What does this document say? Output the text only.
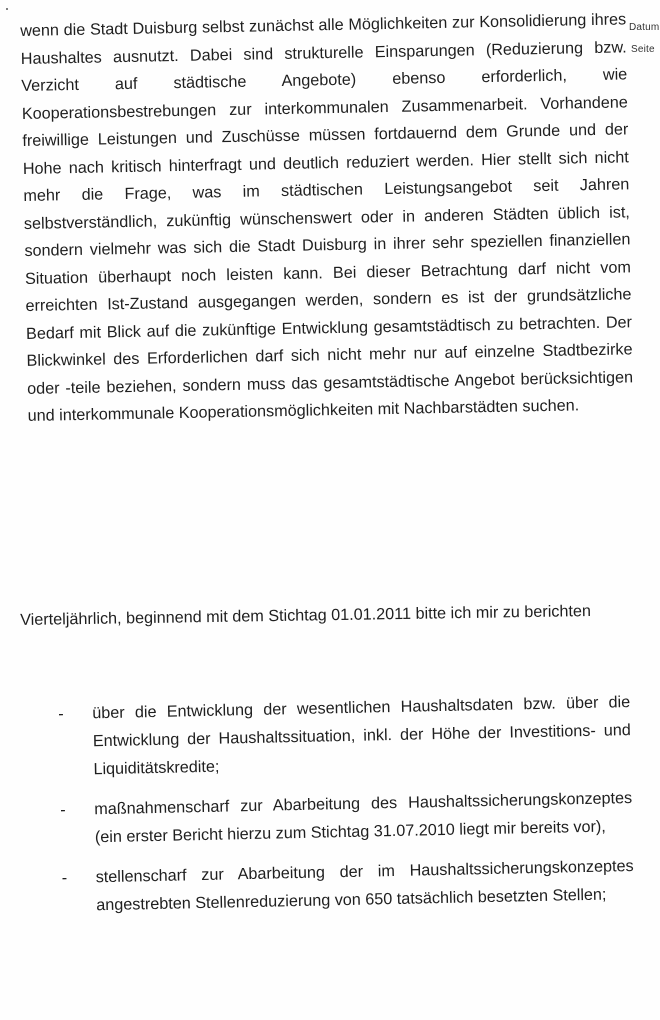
Datum
Seite

wenn die Stadt Duisburg selbst zunächst alle Möglichkeiten zur Konsolidierung ihres Haushaltes ausnutzt. Dabei sind strukturelle Einsparungen (Reduzierung bzw. Verzicht auf städtische Angebote) ebenso erforderlich, wie Kooperationsbestrebungen zur interkommunalen Zusammenarbeit. Vorhandene freiwillige Leistungen und Zuschüsse müssen fortdauernd dem Grunde und der Hohe nach kritisch hinterfragt und deutlich reduziert werden. Hier stellt sich nicht mehr die Frage, was im städtischen Leistungsangebot seit Jahren selbstverständlich, zukünftig wünschenswert oder in anderen Städten üblich ist, sondern vielmehr was sich die Stadt Duisburg in ihrer sehr speziellen finanziellen Situation überhaupt noch leisten kann. Bei dieser Betrachtung darf nicht vom erreichten Ist-Zustand ausgegangen werden, sondern es ist der grundsätzliche Bedarf mit Blick auf die zukünftige Entwicklung gesamtstädtisch zu betrachten. Der Blickwinkel des Erforderlichen darf sich nicht mehr nur auf einzelne Stadtbezirke oder -teile beziehen, sondern muss das gesamtstädtische Angebot berücksichtigen und interkommunale Kooperationsmöglichkeiten mit Nachbarstädten suchen.

Vierteljährlich, beginnend mit dem Stichtag 01.01.2011 bitte ich mir zu berichten

-	über die Entwicklung der wesentlichen Haushaltsdaten bzw. über die Entwicklung der Haushaltssituation, inkl. der Höhe der Investitions- und Liquiditätskredite;
-	maßnahmenscharf zur Abarbeitung des Haushaltssicherungskonzeptes (ein erster Bericht hierzu zum Stichtag 31.07.2010 liegt mir bereits vor),
-	stellenscharf zur Abarbeitung der im Haushaltssicherungskonzeptes angestrebten Stellenreduzierung von 650 tatsächlich besetzten Stellen;
